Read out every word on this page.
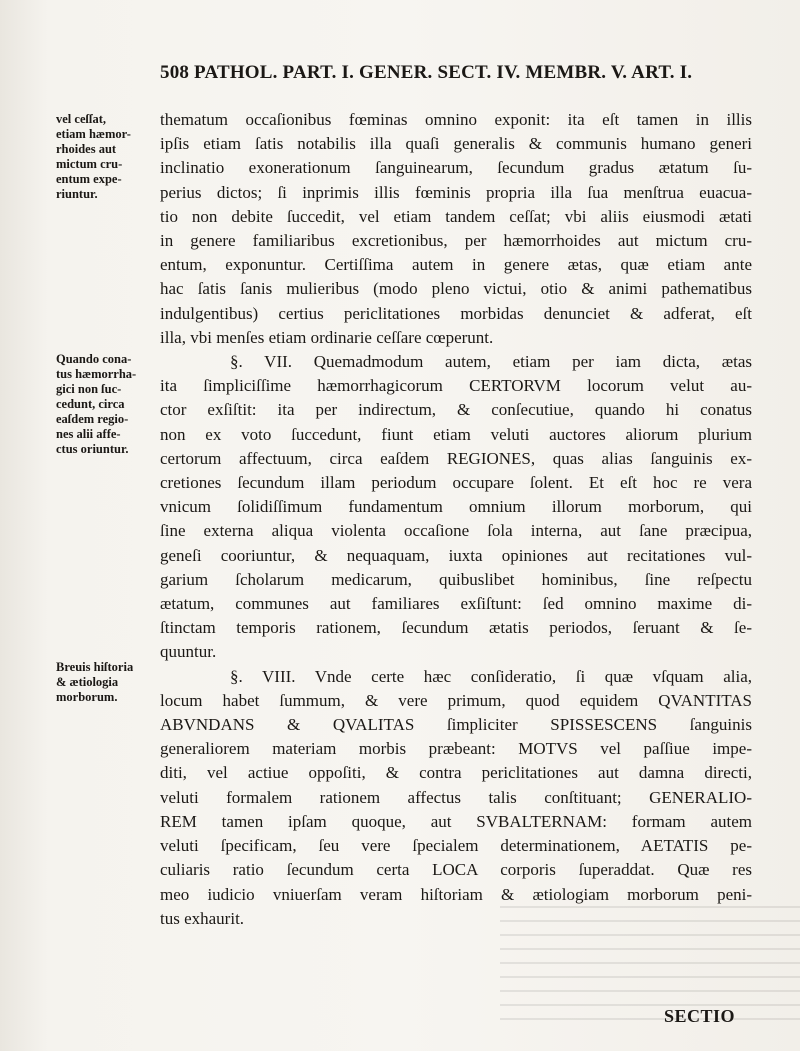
508 PATHOL. PART. I. GENER. SECT. IV. MEMBR. V. ART. I.
vel ceſſat,
etiam hæmor-
rhoides aut
mictum cru-
entum expe-
riuntur.
Quando cona-
tus hæmorrha-
gici non ſuc-
cedunt, circa
eaſdem regio-
nes alii affe-
ctus oriuntur.
Breuis hiſtoria
& ætiologia
morborum.
thematum occaſionibus fœminas omnino exponit: ita eſt tamen in illis
ipſis etiam ſatis notabilis illa quaſi generalis & communis humano generi
inclinatio exonerationum ſanguinearum, ſecundum gradus ætatum ſu-
perius dictos; ſi inprimis illis fœminis propria illa ſua menſtrua euacua-
tio non debite ſuccedit, vel etiam tandem ceſſat; vbi aliis eiusmodi ætati
in genere familiaribus excretionibus, per hæmorrhoides aut mictum cru-
entum, exponuntur. Certiſſima autem in genere ætas, quæ etiam ante
hac ſatis ſanis mulieribus (modo pleno victui, otio & animi pathematibus
indulgentibus) certius periclitationes morbidas denunciet & adferat, eſt
illa, vbi menſes etiam ordinarie ceſſare cœperunt.
§. VII. Quemadmodum autem, etiam per iam dicta, ætas
ita ſimpliciſſime hæmorrhagicorum CERTORVM locorum velut au-
ctor exſiſtit: ita per indirectum, & conſecutiue, quando hi conatus
non ex voto ſuccedunt, fiunt etiam veluti auctores aliorum plurium
certorum affectuum, circa eaſdem REGIONES, quas alias ſanguinis ex-
cretiones ſecundum illam periodum occupare ſolent. Et eſt hoc re vera
vnicum ſolidiſſimum fundamentum omnium illorum morborum, qui
ſine externa aliqua violenta occaſione ſola interna, aut ſane præcipua,
geneſi cooriuntur, & nequaquam, iuxta opiniones aut recitationes vul-
garium ſcholarum medicarum, quibuslibet hominibus, ſine reſpectu
ætatum, communes aut familiares exſiſtunt: ſed omnino maxime di-
ſtinctam temporis rationem, ſecundum ætatis periodos, ſeruant & ſe-
quuntur.
§. VIII. Vnde certe hæc conſideratio, ſi quæ vſquam alia,
locum habet ſummum, & vere primum, quod equidem QVANTITAS
ABVNDANS & QVALITAS ſimpliciter SPISSESCENS ſanguinis
generaliorem materiam morbis præbeant: MOTVS vel paſſiue impe-
diti, vel actiue oppoſiti, & contra periclitationes aut damna directi,
veluti formalem rationem affectus talis conſtituant; GENERALIO-
REM tamen ipſam quoque, aut SVBALTERNAM: formam autem
veluti ſpecificam, ſeu vere ſpecialem determinationem, AETATIS pe-
culiaris ratio ſecundum certa LOCA corporis ſuperaddat. Quæ res
meo iudicio vniuerſam veram hiſtoriam & ætiologiam morborum peni-
tus exhaurit.
SECTIO
